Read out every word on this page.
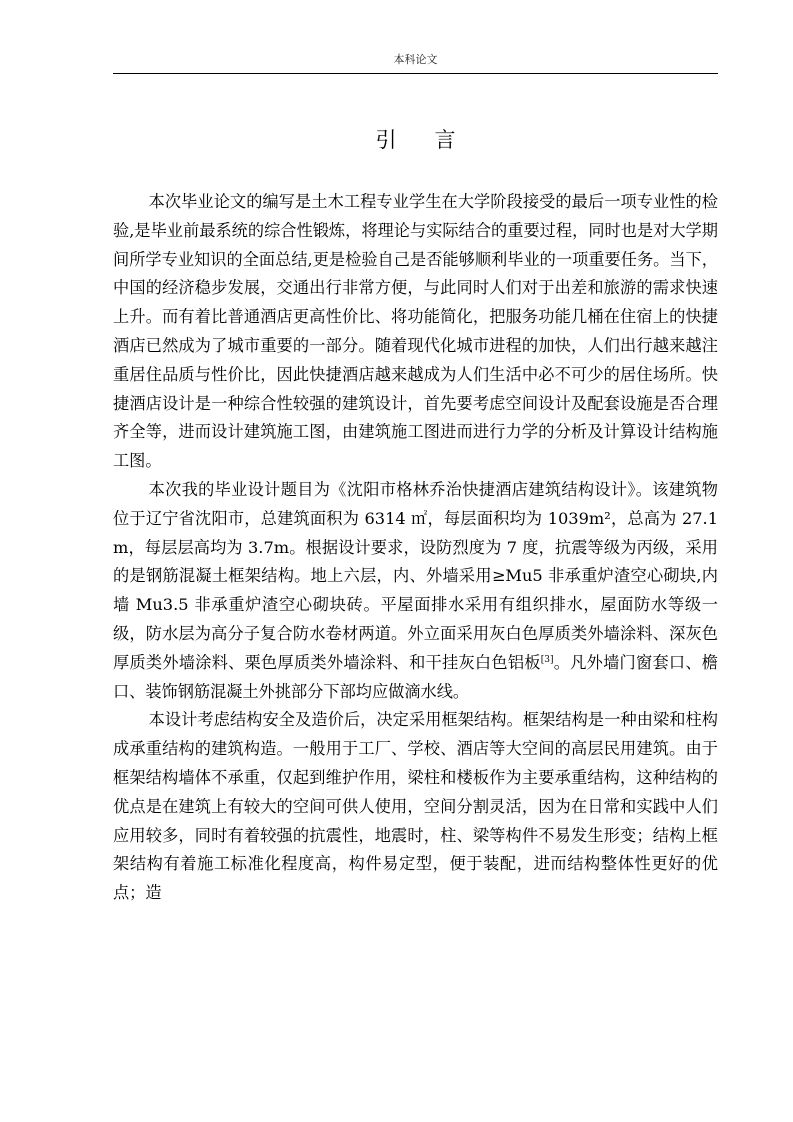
本科论文
引言

本次毕业论文的编写是土木工程专业学生在大学阶段接受的最后一项专业性的检验,是毕业前最系统的综合性锻炼，将理论与实际结合的重要过程，同时也是对大学期间所学专业知识的全面总结,更是检验自己是否能够顺利毕业的一项重要任务。当下，中国的经济稳步发展，交通出行非常方便，与此同时人们对于出差和旅游的需求快速上升。而有着比普通酒店更高性价比、将功能简化，把服务功能几桶在住宿上的快捷酒店已然成为了城市重要的一部分。随着现代化城市进程的加快，人们出行越来越注重居住品质与性价比，因此快捷酒店越来越成为人们生活中必不可少的居住场所。快捷酒店设计是一种综合性较强的建筑设计，首先要考虑空间设计及配套设施是否合理齐全等，进而设计建筑施工图，由建筑施工图进而进行力学的分析及计算设计结构施工图。

本次我的毕业设计题目为《沈阳市格林乔治快捷酒店建筑结构设计》。该建筑物位于辽宁省沈阳市，总建筑面积为 6314 ㎡，每层面积均为 1039m²，总高为 27.1m，每层层高均为 3.7m。根据设计要求，设防烈度为 7 度，抗震等级为丙级，采用的是钢筋混凝土框架结构。地上六层，内、外墙采用≥Mu5 非承重炉渣空心砌块,内墙 Mu3.5 非承重炉渣空心砌块砖。平屋面排水采用有组织排水，屋面防水等级一级，防水层为高分子复合防水卷材两道。外立面采用灰白色厚质类外墙涂料、深灰色厚质类外墙涂料、栗色厚质类外墙涂料、和干挂灰白色铝板[3]。凡外墙门窗套口、檐口、装饰钢筋混凝土外挑部分下部均应做滴水线。

本设计考虑结构安全及造价后，决定采用框架结构。框架结构是一种由梁和柱构成承重结构的建筑构造。一般用于工厂、学校、酒店等大空间的高层民用建筑。由于框架结构墙体不承重，仅起到维护作用，梁柱和楼板作为主要承重结构，这种结构的优点是在建筑上有较大的空间可供人使用，空间分割灵活，因为在日常和实践中人们应用较多，同时有着较强的抗震性，地震时，柱、梁等构件不易发生形变；结构上框架结构有着施工标准化程度高，构件易定型，便于装配，进而结构整体性更好的优点；造
